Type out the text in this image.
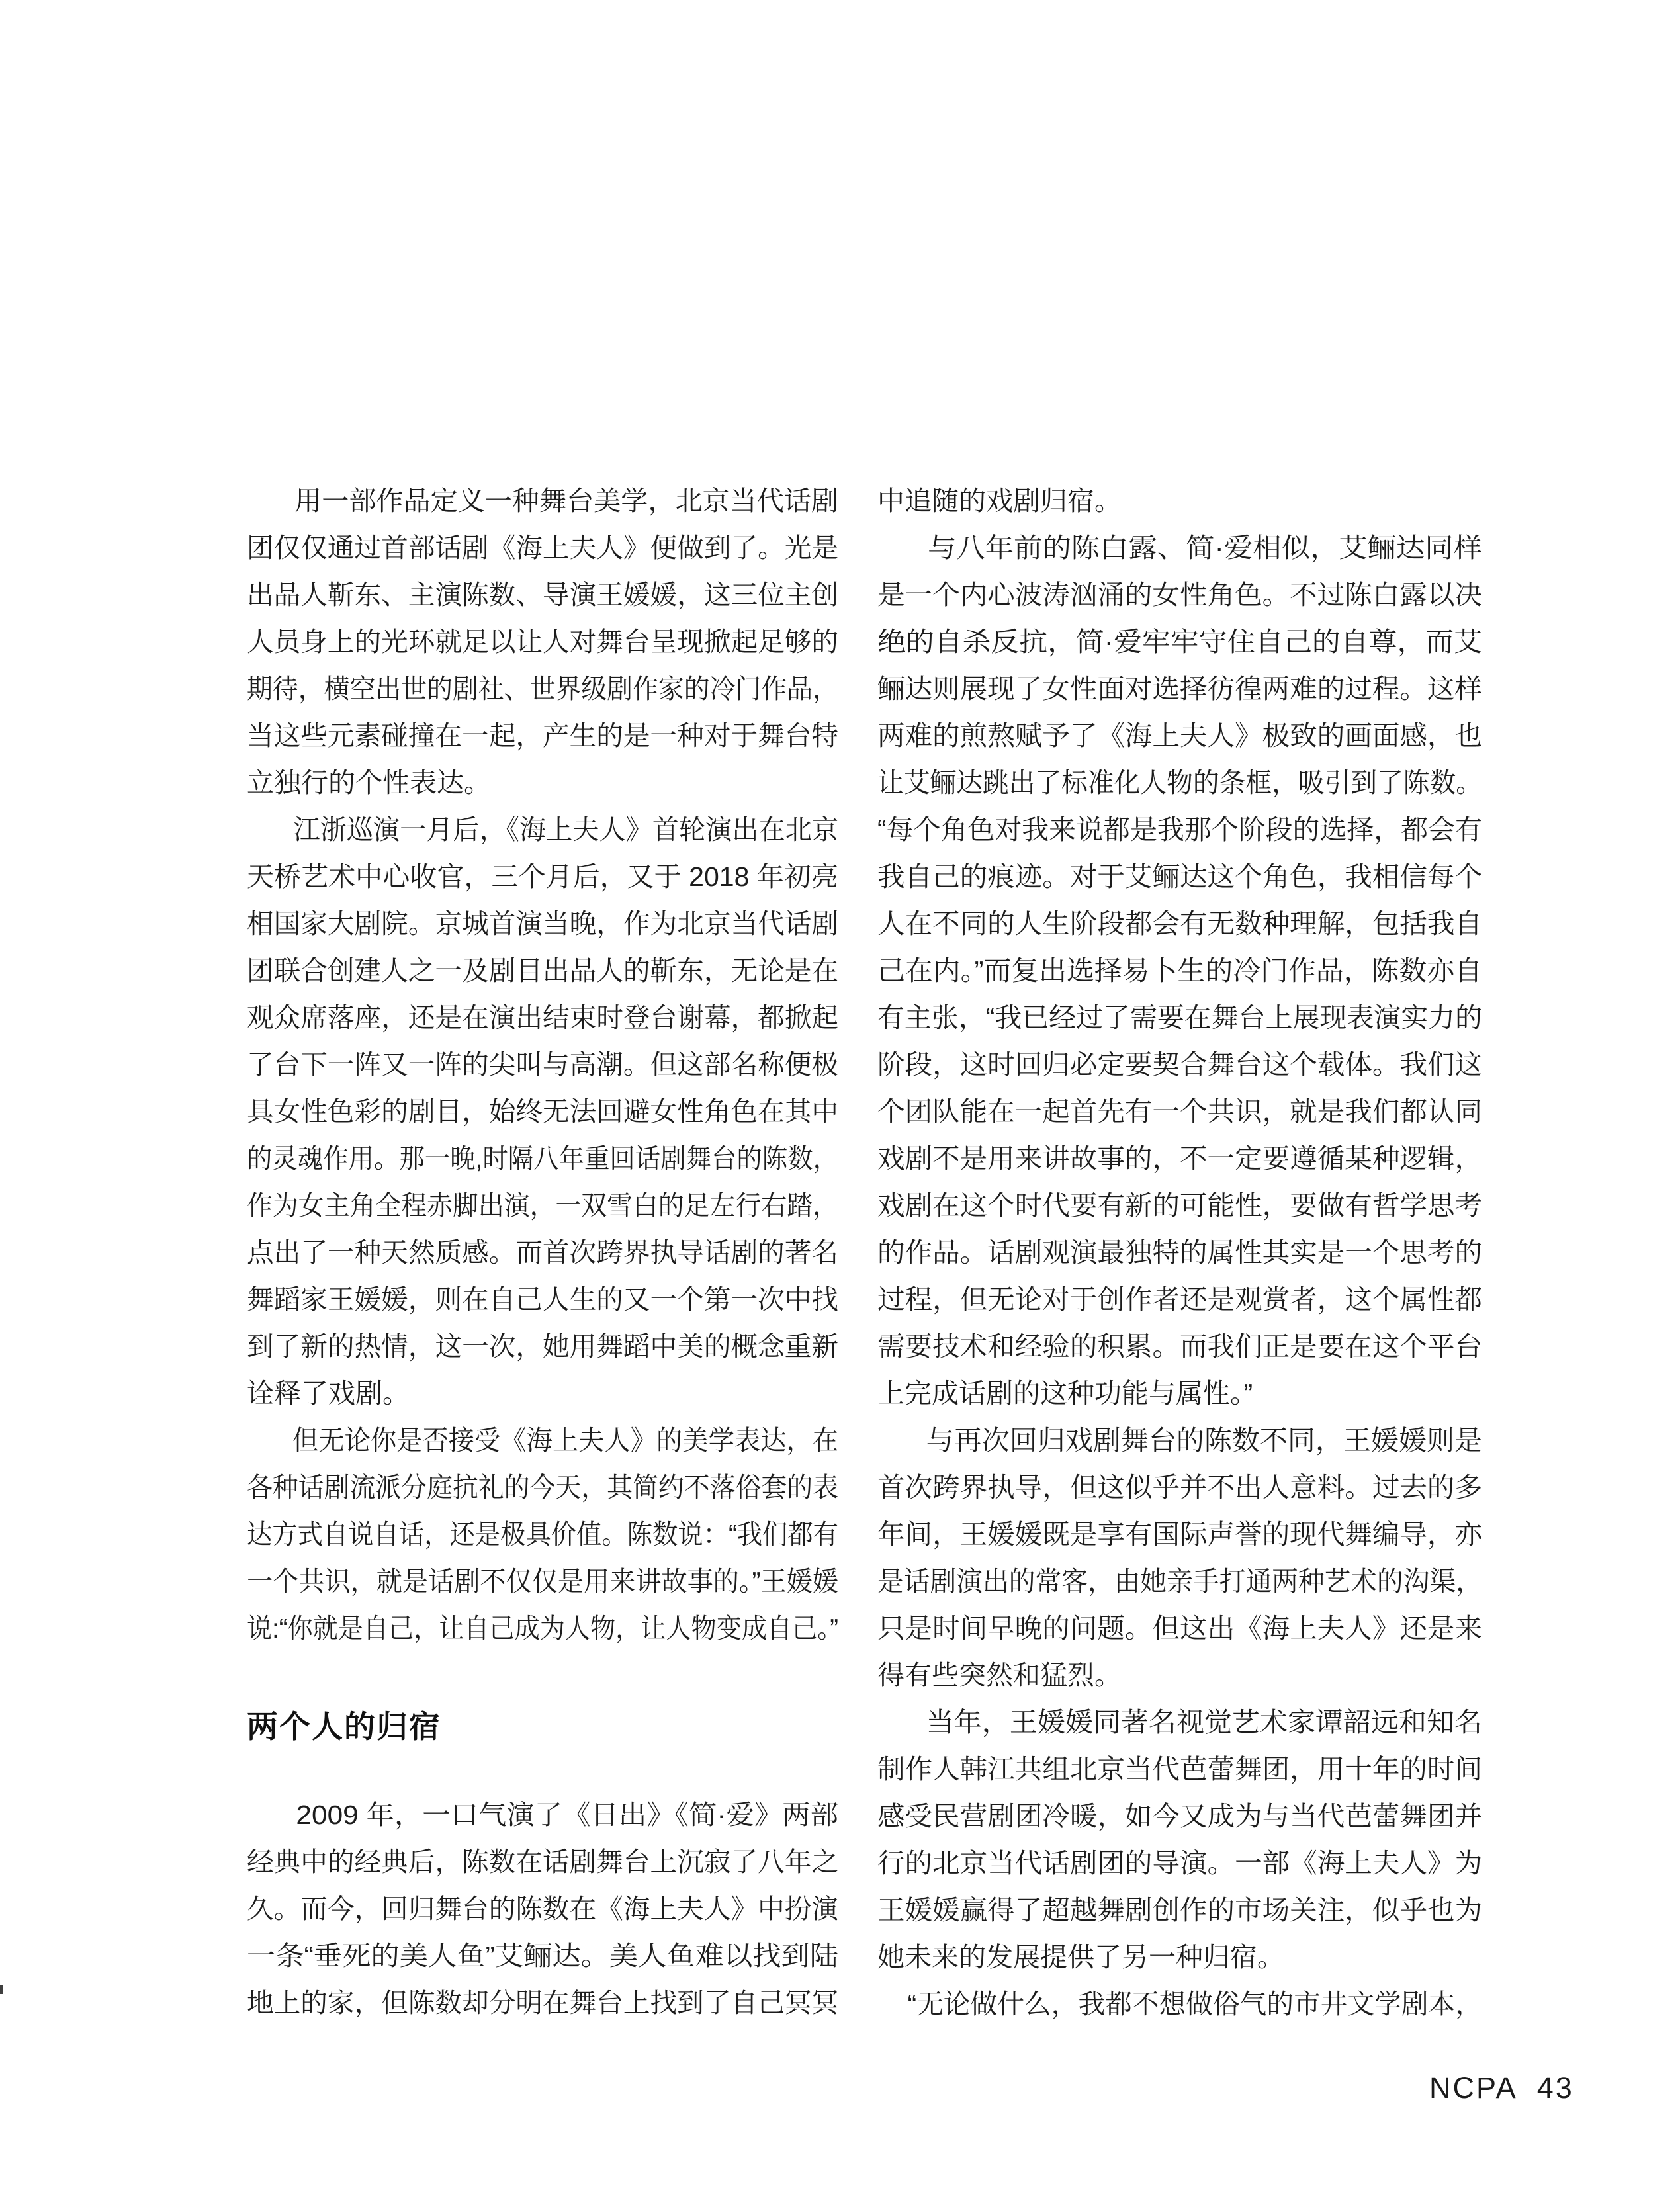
用一部作品定义一种舞台美学，北京当代话剧
团仅仅通过首部话剧《海上夫人》便做到了。光是
出品人靳东、主演陈数、导演王媛媛，这三位主创
人员身上的光环就足以让人对舞台呈现掀起足够的
期待，横空出世的剧社、世界级剧作家的冷门作品，
当这些元素碰撞在一起，产生的是一种对于舞台特
立独行的个性表达。
江浙巡演一月后，《海上夫人》首轮演出在北京
天桥艺术中心收官，三个月后，又于 2018 年初亮
相国家大剧院。京城首演当晚，作为北京当代话剧
团联合创建人之一及剧目出品人的靳东，无论是在
观众席落座，还是在演出结束时登台谢幕，都掀起
了台下一阵又一阵的尖叫与高潮。但这部名称便极
具女性色彩的剧目，始终无法回避女性角色在其中
的灵魂作用。那一晚,时隔八年重回话剧舞台的陈数，
作为女主角全程赤脚出演，一双雪白的足左行右踏，
点出了一种天然质感。而首次跨界执导话剧的著名
舞蹈家王媛媛，则在自己人生的又一个第一次中找
到了新的热情，这一次，她用舞蹈中美的概念重新
诠释了戏剧。
但无论你是否接受《海上夫人》的美学表达，在
各种话剧流派分庭抗礼的今天，其简约不落俗套的表
达方式自说自话，还是极具价值。陈数说：“我们都有
一个共识，就是话剧不仅仅是用来讲故事的。”王媛媛
说:“你就是自己，让自己成为人物，让人物变成自己。”
两个人的归宿
2009 年，一口气演了《日出》《简·爱》两部
经典中的经典后，陈数在话剧舞台上沉寂了八年之
久。而今，回归舞台的陈数在《海上夫人》中扮演
一条“垂死的美人鱼”艾鲡达。美人鱼难以找到陆
地上的家，但陈数却分明在舞台上找到了自己冥冥
中追随的戏剧归宿。
与八年前的陈白露、简·爱相似，艾鲡达同样
是一个内心波涛汹涌的女性角色。不过陈白露以决
绝的自杀反抗，简·爱牢牢守住自己的自尊，而艾
鲡达则展现了女性面对选择彷徨两难的过程。这样
两难的煎熬赋予了《海上夫人》极致的画面感，也
让艾鲡达跳出了标准化人物的条框，吸引到了陈数。
“每个角色对我来说都是我那个阶段的选择，都会有
我自己的痕迹。对于艾鲡达这个角色，我相信每个
人在不同的人生阶段都会有无数种理解，包括我自
己在内。”而复出选择易卜生的冷门作品，陈数亦自
有主张，“我已经过了需要在舞台上展现表演实力的
阶段，这时回归必定要契合舞台这个载体。我们这
个团队能在一起首先有一个共识，就是我们都认同
戏剧不是用来讲故事的，不一定要遵循某种逻辑，
戏剧在这个时代要有新的可能性，要做有哲学思考
的作品。话剧观演最独特的属性其实是一个思考的
过程，但无论对于创作者还是观赏者，这个属性都
需要技术和经验的积累。而我们正是要在这个平台
上完成话剧的这种功能与属性。”
与再次回归戏剧舞台的陈数不同，王媛媛则是
首次跨界执导，但这似乎并不出人意料。过去的多
年间，王媛媛既是享有国际声誉的现代舞编导，亦
是话剧演出的常客，由她亲手打通两种艺术的沟渠，
只是时间早晚的问题。但这出《海上夫人》还是来
得有些突然和猛烈。
当年，王媛媛同著名视觉艺术家谭韶远和知名
制作人韩江共组北京当代芭蕾舞团，用十年的时间
感受民营剧团冷暖，如今又成为与当代芭蕾舞团并
行的北京当代话剧团的导演。一部《海上夫人》为
王媛媛赢得了超越舞剧创作的市场关注，似乎也为
她未来的发展提供了另一种归宿。
“无论做什么，我都不想做俗气的市井文学剧本，
NCPA 43
